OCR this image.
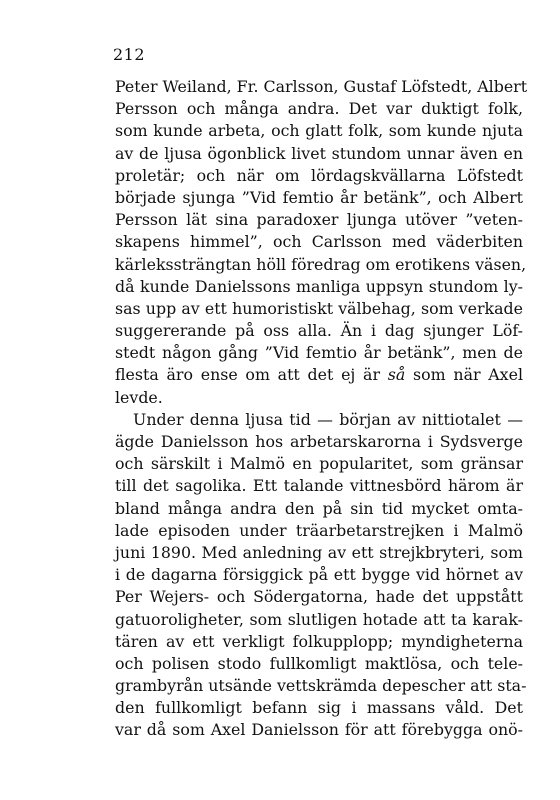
212
Peter Weiland, Fr. Carlsson, Gustaf Löfstedt, Albert
Persson och många andra. Det var duktigt folk,
som kunde arbeta, och glatt folk, som kunde njuta
av de ljusa ögonblick livet stundom unnar även en
proletär; och när om lördagskvällarna Löfstedt
började sjunga ”Vid femtio år betänk”, och Albert
Persson lät sina paradoxer ljunga utöver ”veten-
skapens himmel”, och Carlsson med väderbiten
kärlekssträngtan höll föredrag om erotikens väsen,
då kunde Danielssons manliga uppsyn stundom ly-
sas upp av ett humoristiskt välbehag, som verkade
suggererande på oss alla. Än i dag sjunger Löf-
stedt någon gång ”Vid femtio år betänk”, men de
flesta äro ense om att det ej är så som när Axel
levde.
Under denna ljusa tid — början av nittiotalet —
ägde Danielsson hos arbetarskarorna i Sydsverge
och särskilt i Malmö en popularitet, som gränsar
till det sagolika. Ett talande vittnesbörd härom är
bland många andra den på sin tid mycket omta-
lade episoden under träarbetarstrejken i Malmö
juni 1890. Med anledning av ett strejkbryteri, som
i de dagarna försiggick på ett bygge vid hörnet av
Per Wejers- och Södergatorna, hade det uppstått
gatuoroligheter, som slutligen hotade att ta karak-
tären av ett verkligt folkupplopp; myndigheterna
och polisen stodo fullkomligt maktlösa, och tele-
grambyrån utsände vettskrämda depescher att sta-
den fullkomligt befann sig i massans våld. Det
var då som Axel Danielsson för att förebygga onö-
